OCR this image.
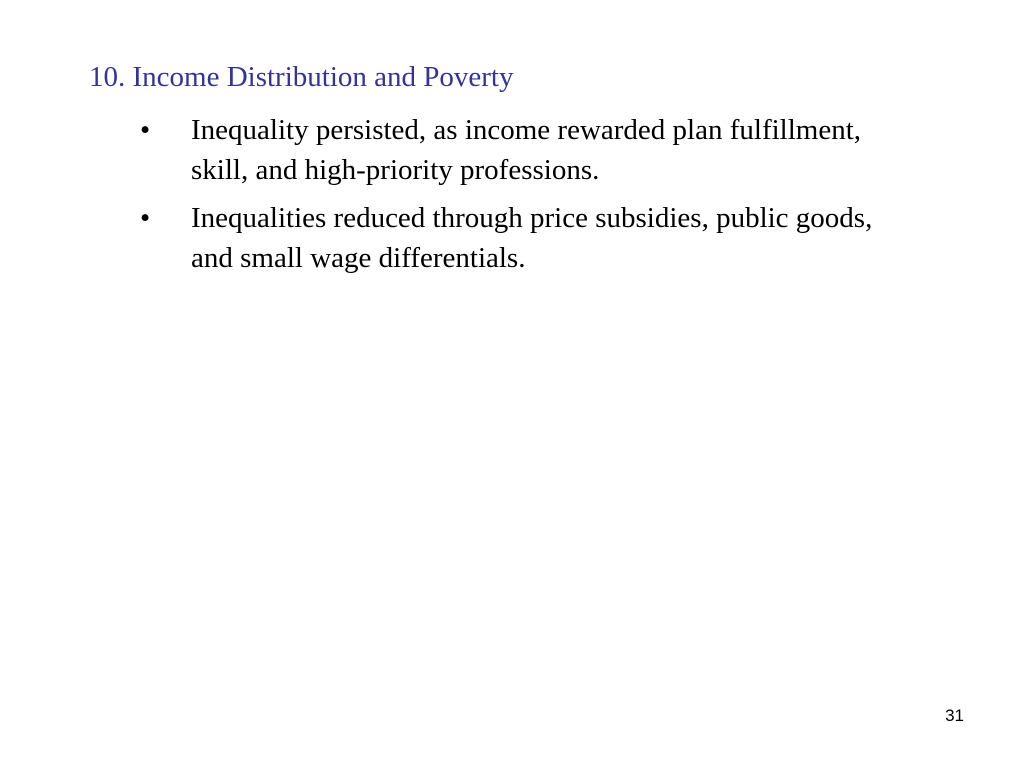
10. Income Distribution and Poverty
•	Inequality persisted, as income rewarded plan fulfillment, skill, and high-priority professions.
•	Inequalities reduced through price subsidies, public goods, and small wage differentials.
31
